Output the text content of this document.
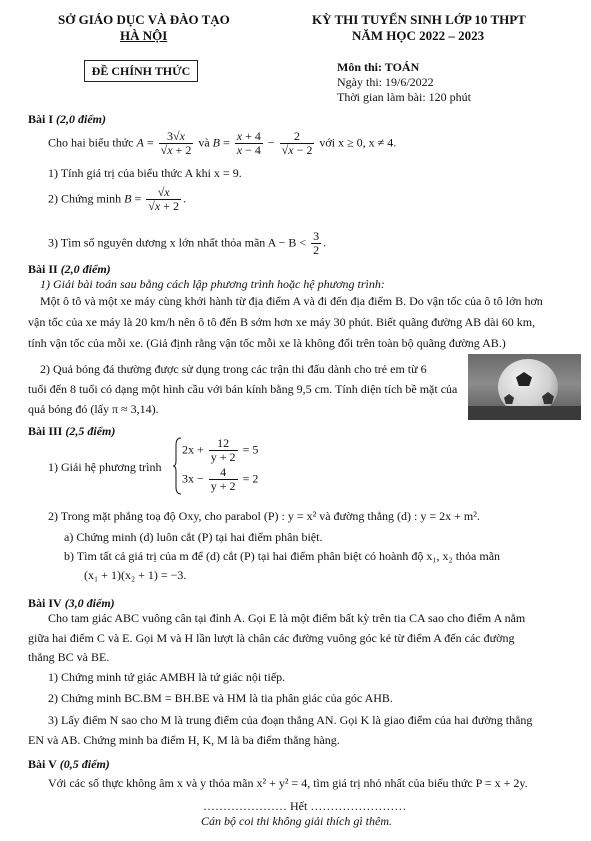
SỞ GIÁO DỤC VÀ ĐÀO TẠO
HÀ NỘI
KỲ THI TUYỂN SINH LỚP 10 THPT
NĂM HỌC 2022 – 2023
ĐỀ CHÍNH THỨC	Môn thi: TOÁN
Ngày thi: 19/6/2022
Thời gian làm bài: 120 phút
Bài I (2,0 điểm)
Cho hai biểu thức $A = \frac{3√x}{√x + 2}$ và $B = \frac{x + 4}{x - 4} - \frac{2}{√x - 2}$ với x ≥ 0, x ≠ 4.
1) Tính giá trị của biểu thức A khi x = 9.
2) Chứng minh $B = \frac{√x}{√x + 2}$ .
3) Tìm số nguyên dương x lớn nhất thỏa mãn $A - B < \frac{3}{2}$ .
Bài II (2,0 điểm)
1) Giải bài toán sau bằng cách lập phương trình hoặc hệ phương trình:
Một ô tô và một xe máy cùng khởi hành từ địa điểm A và đi đến địa điểm B. Do vận tốc của ô tô lớn hơn
vận tốc của xe máy là 20 km/h nên ô tô đến B sớm hơn xe máy 30 phút. Biết quãng đường AB dài 60 km,
tính vận tốc của mỗi xe. (Giả định rằng vận tốc mỗi xe là không đổi trên toàn bộ quãng đường AB.)
2) Quả bóng đá thường được sử dụng trong các trận thi đấu dành cho trẻ em từ 6
tuổi đến 8 tuổi có dạng một hình cầu với bán kính bằng 9,5 cm. Tính diện tích bề mặt của
quả bóng đó (lấy π ≈ 3,14).
Bài III (2,5 điểm)
1) Giải hệ phương trình
$2x + \frac{12}{y + 2} = 5$
$3x - \frac{4}{y + 2} = 2$
2) Trong mặt phẳng toạ độ Oxy, cho parabol (P) : y = x² và đường thẳng (d) : y = 2x + m².
a) Chứng minh (d) luôn cắt (P) tại hai điểm phân biệt.
b) Tìm tất cả giá trị của m để (d) cắt (P) tại hai điểm phân biệt có hoành độ x₁, x₂ thỏa mãn
(x₁ + 1)(x₂ + 1) = −3.
Bài IV (3,0 điểm)
Cho tam giác ABC vuông cân tại đỉnh A. Gọi E là một điểm bất kỳ trên tia CA sao cho điểm A nằm
giữa hai điểm C và E. Gọi M và H lần lượt là chân các đường vuông góc kẻ từ điểm A đến các đường
thẳng BC và BE.
1) Chứng minh tứ giác AMBH là tứ giác nội tiếp.
2) Chứng minh BC.BM = BH.BE và HM là tia phân giác của góc AHB.
3) Lấy điểm N sao cho M là trung điểm của đoạn thẳng AN. Gọi K là giao điểm của hai đường thẳng
EN và AB. Chứng minh ba điểm H, K, M là ba điểm thẳng hàng.
Bài V (0,5 điểm)
Với các số thực không âm x và y thỏa mãn x² + y² = 4, tìm giá trị nhỏ nhất của biểu thức P = x + 2y.
………………… Hết ……………………
Cán bộ coi thi không giải thích gì thêm.
